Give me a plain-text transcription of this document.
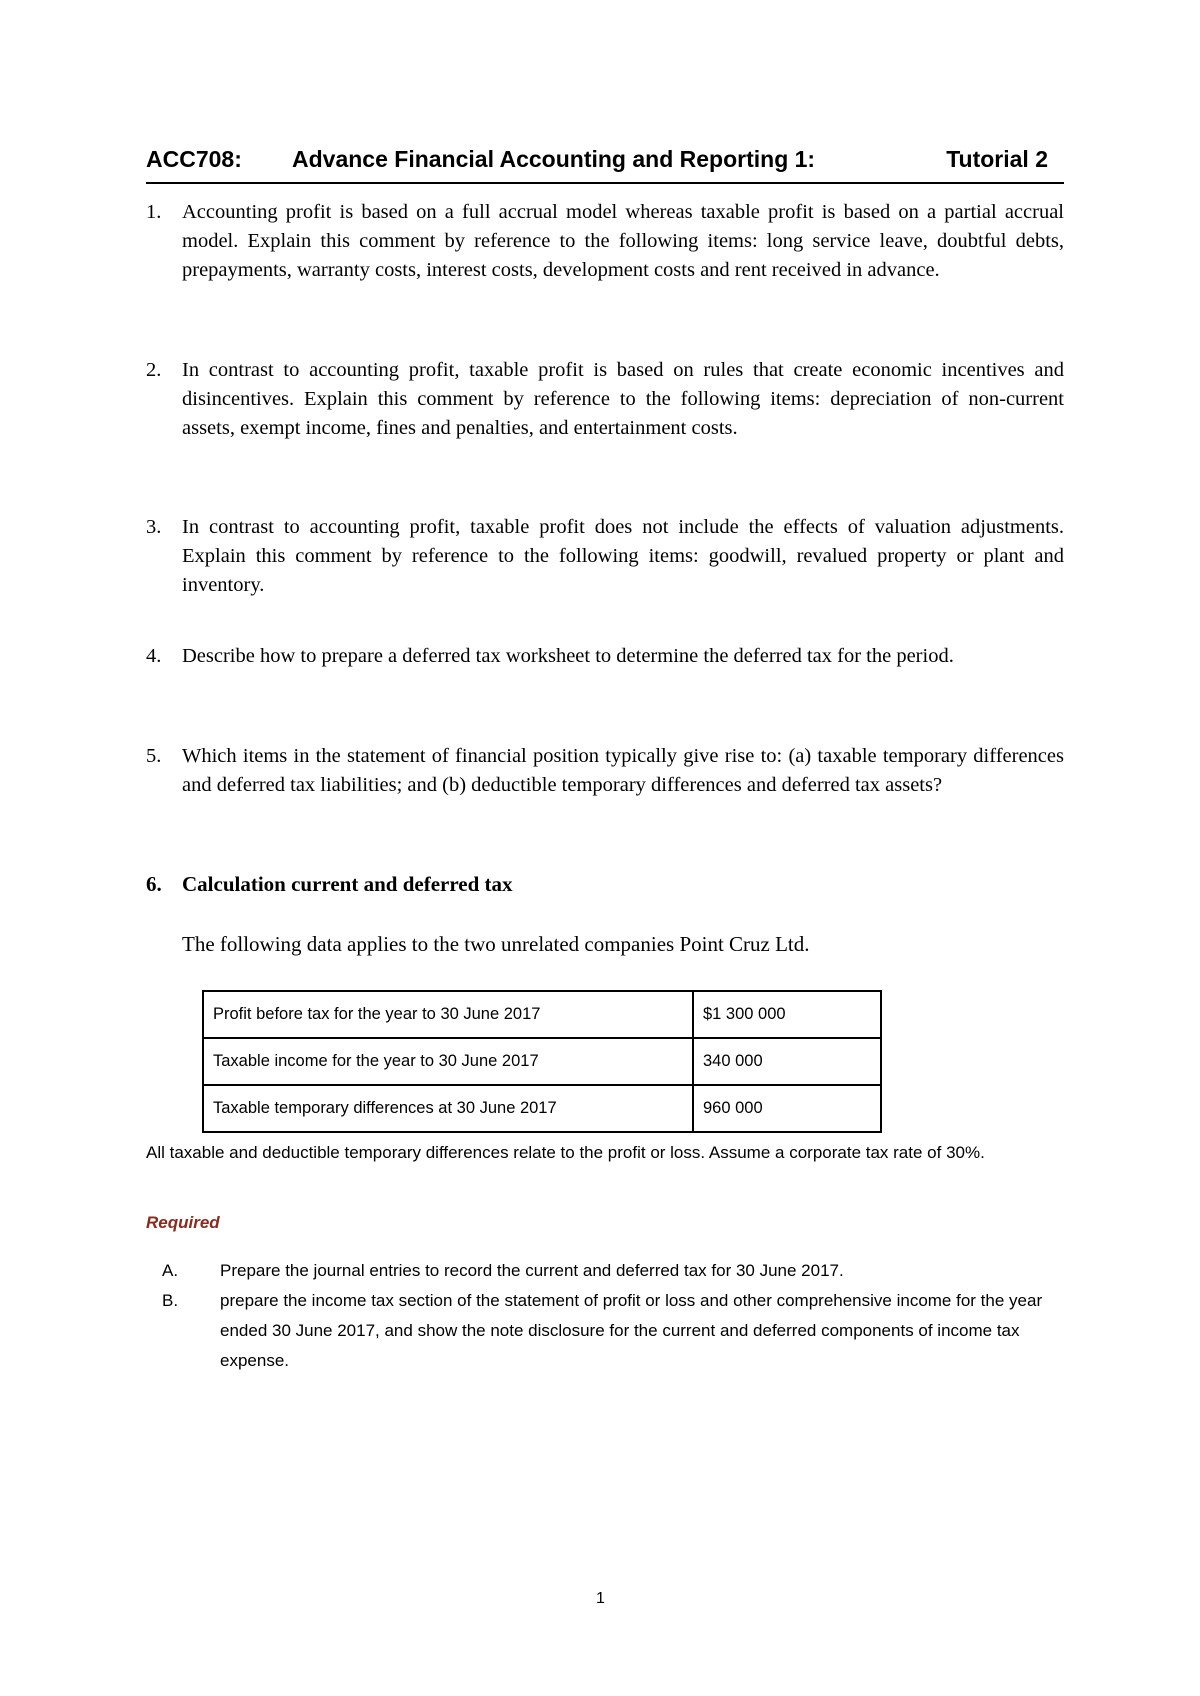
ACC708: Advance Financial Accounting and Reporting 1:	Tutorial 2
1. Accounting profit is based on a full accrual model whereas taxable profit is based on a partial accrual model. Explain this comment by reference to the following items: long service leave, doubtful debts, prepayments, warranty costs, interest costs, development costs and rent received in advance.
2. In contrast to accounting profit, taxable profit is based on rules that create economic incentives and disincentives. Explain this comment by reference to the following items: depreciation of non-current assets, exempt income, fines and penalties, and entertainment costs.
3. In contrast to accounting profit, taxable profit does not include the effects of valuation adjustments. Explain this comment by reference to the following items: goodwill, revalued property or plant and inventory.
4. Describe how to prepare a deferred tax worksheet to determine the deferred tax for the period.
5. Which items in the statement of financial position typically give rise to: (a) taxable temporary differences and deferred tax liabilities; and (b) deductible temporary differences and deferred tax assets?
6. Calculation current and deferred tax
The following data applies to the two unrelated companies Point Cruz Ltd.
Profit before tax for the year to 30 June 2017	$1 300 000
Taxable income for the year to 30 June 2017	340 000
Taxable temporary differences at 30 June 2017	960 000
All taxable and deductible temporary differences relate to the profit or loss. Assume a corporate tax rate of 30%.
Required
A. Prepare the journal entries to record the current and deferred tax for 30 June 2017.
B. prepare the income tax section of the statement of profit or loss and other comprehensive income for the year ended 30 June 2017, and show the note disclosure for the current and deferred components of income tax expense.
1
